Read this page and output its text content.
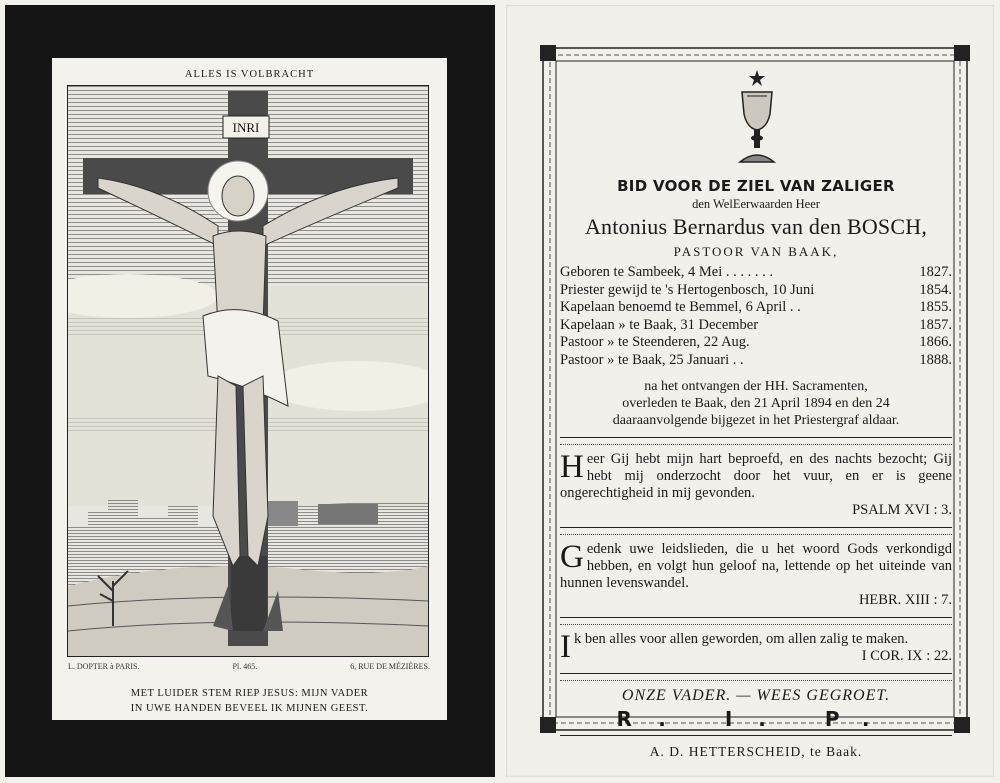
ALLES IS VOLBRACHT
INRI
L. DOPTER à PARIS.	Pl. 465.	6, RUE DE MÉZIÈRES.
MET LUIDER STEM RIEP JESUS: MIJN VADER
IN UWE HANDEN BEVEEL IK MIJNEN GEEST.
BID VOOR DE ZIEL VAN ZALIGER
den WelEerwaarden Heer
Antonius Bernardus van den BOSCH,
PASTOOR VAN BAAK,
Geboren te Sambeek, 4 Mei . . . . . . .	1827.
Priester gewijd te 's Hertogenbosch, 10 Juni	1854.
Kapelaan benoemd te Bemmel, 6 April . .	1855.
Kapelaan » te Baak, 31 December	1857.
Pastoor » te Steenderen, 22 Aug.	1866.
Pastoor » te Baak, 25 Januari . .	1888.
na het ontvangen der HH. Sacramenten,
overleden te Baak, den 21 April 1894 en den 24
daaraanvolgende bijgezet in het Priestergraf aldaar.
Heer Gij hebt mijn hart beproefd, en des nachts bezocht; Gij hebt mij onderzocht door het vuur, en er is geene ongerechtigheid in mij gevonden.
PSALM XVI : 3.
Gedenk uwe leidslieden, die u het woord Gods verkondigd hebben, en volgt hun geloof na, lettende op het uiteinde van hunnen levenswandel.
HEBR. XIII : 7.
Ik ben alles voor allen geworden, om allen zalig te maken.
I COR. IX : 22.
ONZE VADER. — WEES GEGROET.
R. I. P.
A. D. HETTERSCHEID, te Baak.
